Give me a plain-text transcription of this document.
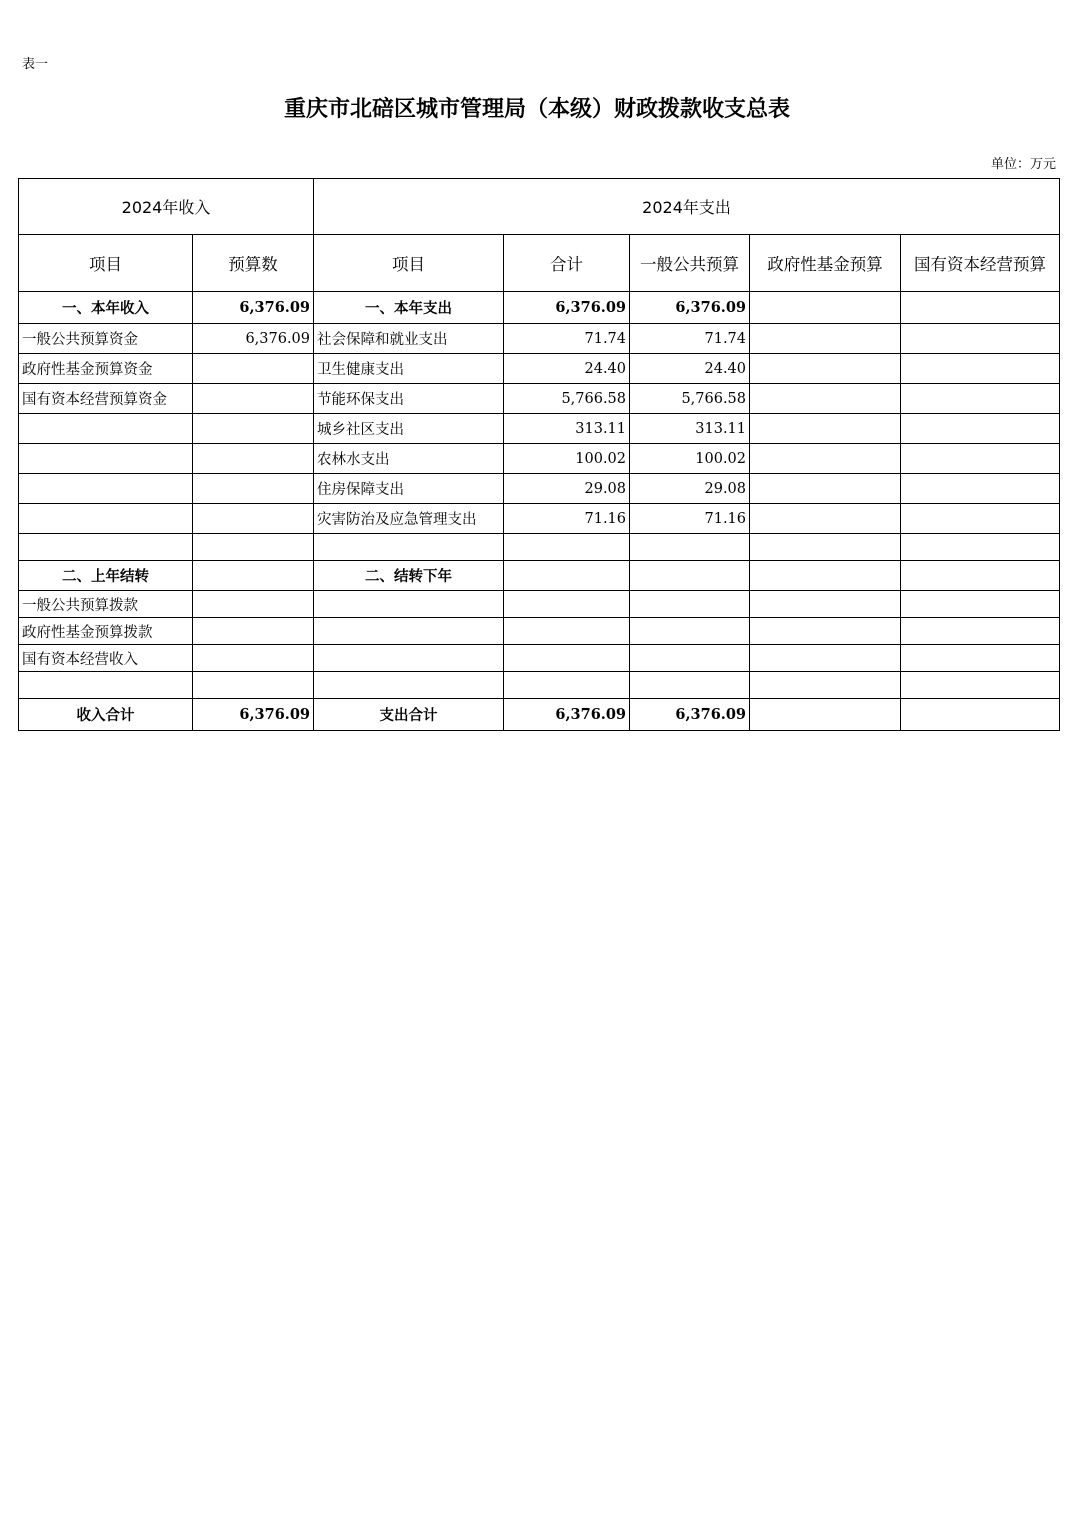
表一
重庆市北碚区城市管理局（本级）财政拨款收支总表
单位：万元
2024年收入		2024年支出				
项目	预算数	项目	合计	一般公共预算	政府性基金预算	国有资本经营预算
一、本年收入	6,376.09	一、本年支出	6,376.09	6,376.09		
一般公共预算资金	6,376.09	社会保障和就业支出	71.74	71.74		
政府性基金预算资金		卫生健康支出	24.40	24.40		
国有资本经营预算资金		节能环保支出	5,766.58	5,766.58		
		城乡社区支出	313.11	313.11		
		农林水支出	100.02	100.02		
		住房保障支出	29.08	29.08		
		灾害防治及应急管理支出	71.16	71.16		

二、上年结转		二、结转下年				
一般公共预算拨款						
政府性基金预算拨款						
国有资本经营收入						

收入合计	6,376.09	支出合计	6,376.09	6,376.09		
